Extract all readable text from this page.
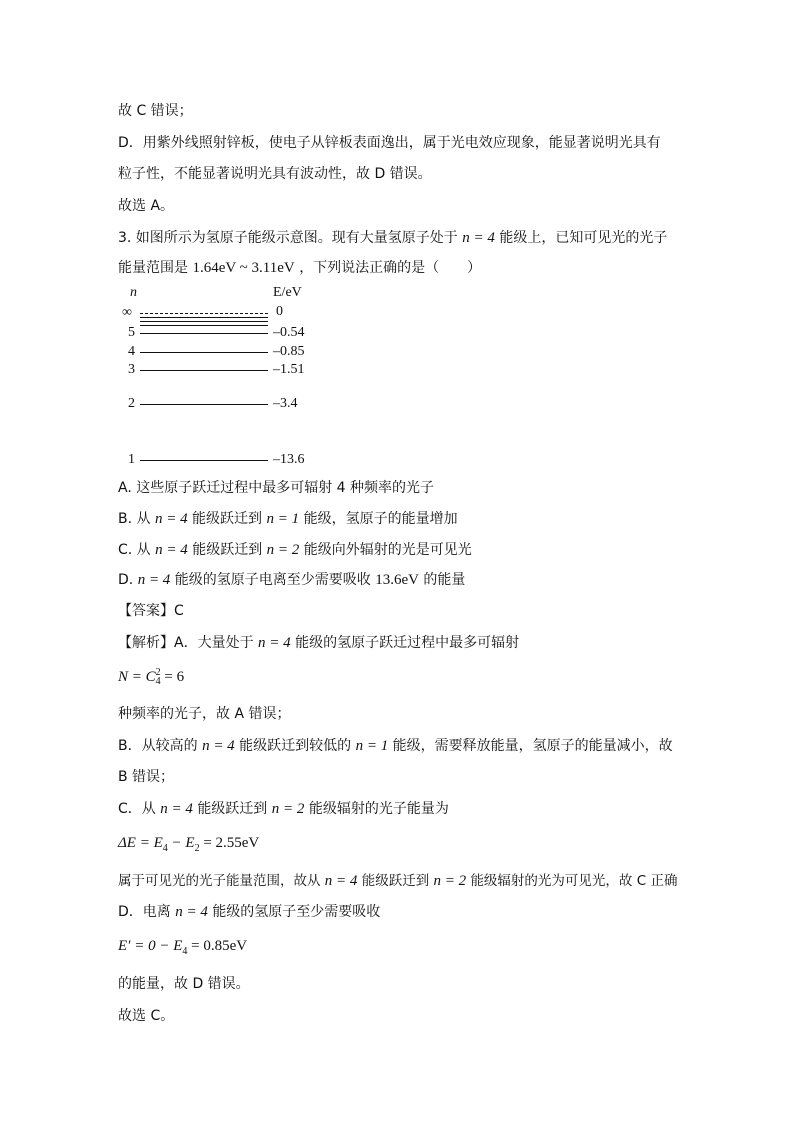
故 C 错误；
D．用紫外线照射锌板，使电子从锌板表面逸出，属于光电效应现象，能显著说明光具有
粒子性，不能显著说明光具有波动性，故 D 错误。
故选 A。
3. 如图所示为氢原子能级示意图。现有大量氢原子处于 n = 4 能级上，已知可见光的光子
能量范围是 1.64eV ~ 3.11eV ，下列说法正确的是（　　）
n	E/eV
∞	0
5	–0.54
4	–0.85
3	–1.51
2	–3.4
1	–13.6
A. 这些原子跃迁过程中最多可辐射 4 种频率的光子
B. 从 n = 4 能级跃迁到 n = 1 能级，氢原子的能量增加
C. 从 n = 4 能级跃迁到 n = 2 能级向外辐射的光是可见光
D. n = 4 能级的氢原子电离至少需要吸收 13.6eV 的能量
【答案】C
【解析】A．大量处于 n = 4 能级的氢原子跃迁过程中最多可辐射
N = C 2
4 = 6
种频率的光子，故 A 错误；
B．从较高的 n = 4 能级跃迁到较低的 n = 1 能级，需要释放能量，氢原子的能量减小，故
B 错误；
C．从 n = 4 能级跃迁到 n = 2 能级辐射的光子能量为
$\Delta E = E_4 - E_2 = 2.55eV$
属于可见光的光子能量范围，故从 n = 4 能级跃迁到 n = 2 能级辐射的光为可见光，故 C 正确
D．电离 n = 4 能级的氢原子至少需要吸收
$E' = 0 - E_4 = 0.85eV$
的能量，故 D 错误。
故选 C。
